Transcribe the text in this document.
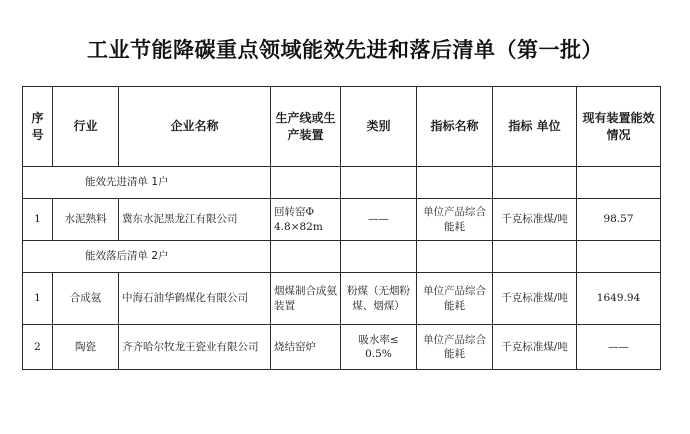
工业节能降碳重点领域能效先进和落后清单（第一批）
序号	行业	企业名称	生产线或生产装置	类别	指标名称	指标 单位	现有装置能效情况
能效先进清单 1户							
1	水泥熟料	冀东水泥黑龙江有限公司	回转窑Φ 4.8×82m	——	单位产品综合能耗	千克标准煤/吨	98.57
能效落后清单 2户							
1	合成氨	中海石油华鹤煤化有限公司	烟煤制合成氨装置	粉煤（无烟粉煤、烟煤）	单位产品综合能耗	千克标准煤/吨	1649.94
2	陶瓷	齐齐哈尔牧龙王瓷业有限公司	烧结窑炉	吸水率≤ 0.5%	单位产品综合能耗	千克标准煤/吨	——
